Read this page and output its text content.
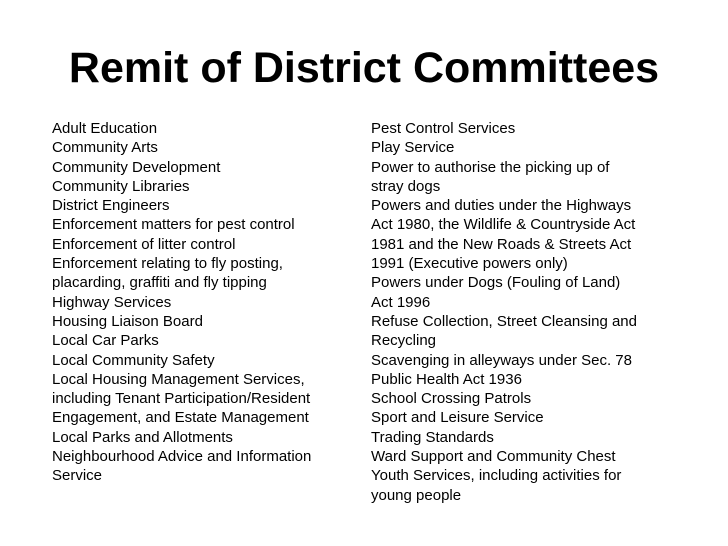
Remit of District Committees
Adult Education
Community Arts
Community Development
Community Libraries
District Engineers
Enforcement matters for pest control
Enforcement of litter control
Enforcement relating to fly posting,
placarding, graffiti and fly tipping
Highway Services
Housing Liaison Board
Local Car Parks
Local Community Safety
Local Housing Management Services,
including Tenant Participation/Resident
Engagement, and Estate Management
Local Parks and Allotments
Neighbourhood Advice and Information
Service
Pest Control Services
Play Service
Power to authorise the picking up of
stray dogs
Powers and duties under the Highways
Act 1980, the Wildlife & Countryside Act
1981 and the New Roads & Streets Act
1991 (Executive powers only)
Powers under Dogs (Fouling of Land)
Act 1996
Refuse Collection, Street Cleansing and
Recycling
Scavenging in alleyways under Sec. 78
Public Health Act 1936
School Crossing Patrols
Sport and Leisure Service
Trading Standards
Ward Support and Community Chest
Youth Services, including activities for
young people
